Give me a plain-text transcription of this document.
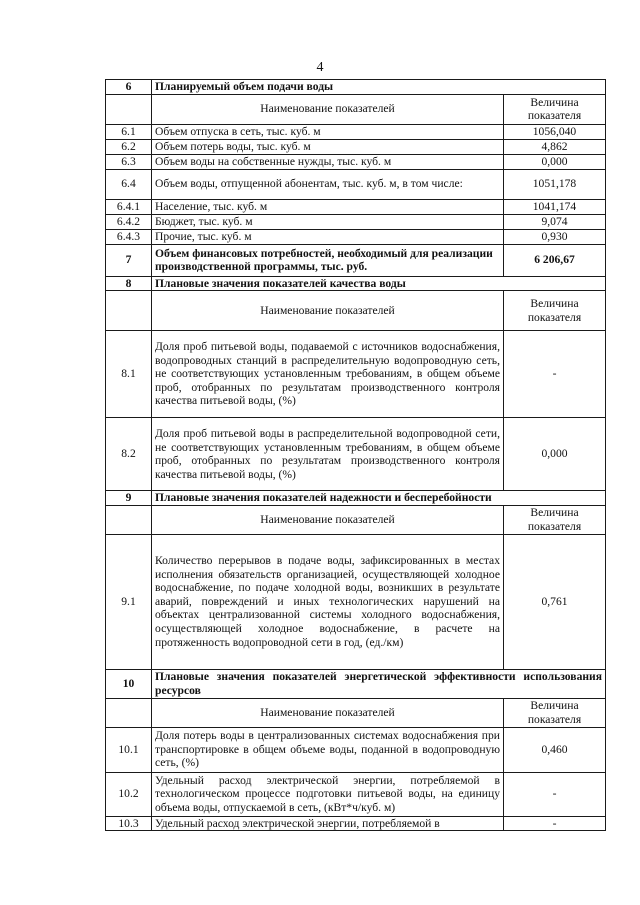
4
6	Планируемый объем подачи воды	
	Наименование показателей	Величина показателя
6.1	Объем отпуска в сеть, тыс. куб. м	1056,040
6.2	Объем потерь воды, тыс. куб. м	4,862
6.3	Объем воды на собственные нужды, тыс. куб. м	0,000
6.4	Объем воды, отпущенной абонентам, тыс. куб. м, в том числе:	1051,178
6.4.1	Население, тыс. куб. м	1041,174
6.4.2	Бюджет, тыс. куб. м	9,074
6.4.3	Прочие, тыс. куб. м	0,930
7	Объем финансовых потребностей, необходимый для реализации производственной программы, тыс. руб.	6 206,67
8	Плановые значения показателей качества воды	
	Наименование показателей	Величина показателя
8.1	Доля проб питьевой воды, подаваемой с источников водоснабжения, водопроводных станций в распределительную водопроводную сеть, не соответствующих установленным требованиям, в общем объеме проб, отобранных по результатам производственного контроля качества питьевой воды, (%)	-
8.2	Доля проб питьевой воды в распределительной водопроводной сети, не соответствующих установленным требованиям, в общем объеме проб, отобранных по результатам производственного контроля качества питьевой воды, (%)	0,000
9	Плановые значения показателей надежности и бесперебойности	
	Наименование показателей	Величина показателя
9.1	Количество перерывов в подаче воды, зафиксированных в местах исполнения обязательств организацией, осуществляющей холодное водоснабжение, по подаче холодной воды, возникших в результате аварий, повреждений и иных технологических нарушений на объектах централизованной системы холодного водоснабжения, осуществляющей холодное водоснабжение, в расчете на протяженность водопроводной сети в год, (ед./км)	0,761
10	Плановые значения показателей энергетической эффективности использования ресурсов	
	Наименование показателей	Величина показателя
10.1	Доля потерь воды в централизованных системах водоснабжения при транспортировке в общем объеме воды, поданной в водопроводную сеть, (%)	0,460
10.2	Удельный расход электрической энергии, потребляемой в технологическом процессе подготовки питьевой воды, на единицу объема воды, отпускаемой в сеть, (кВт*ч/куб. м)	-
10.3	Удельный расход электрической энергии, потребляемой в	-
